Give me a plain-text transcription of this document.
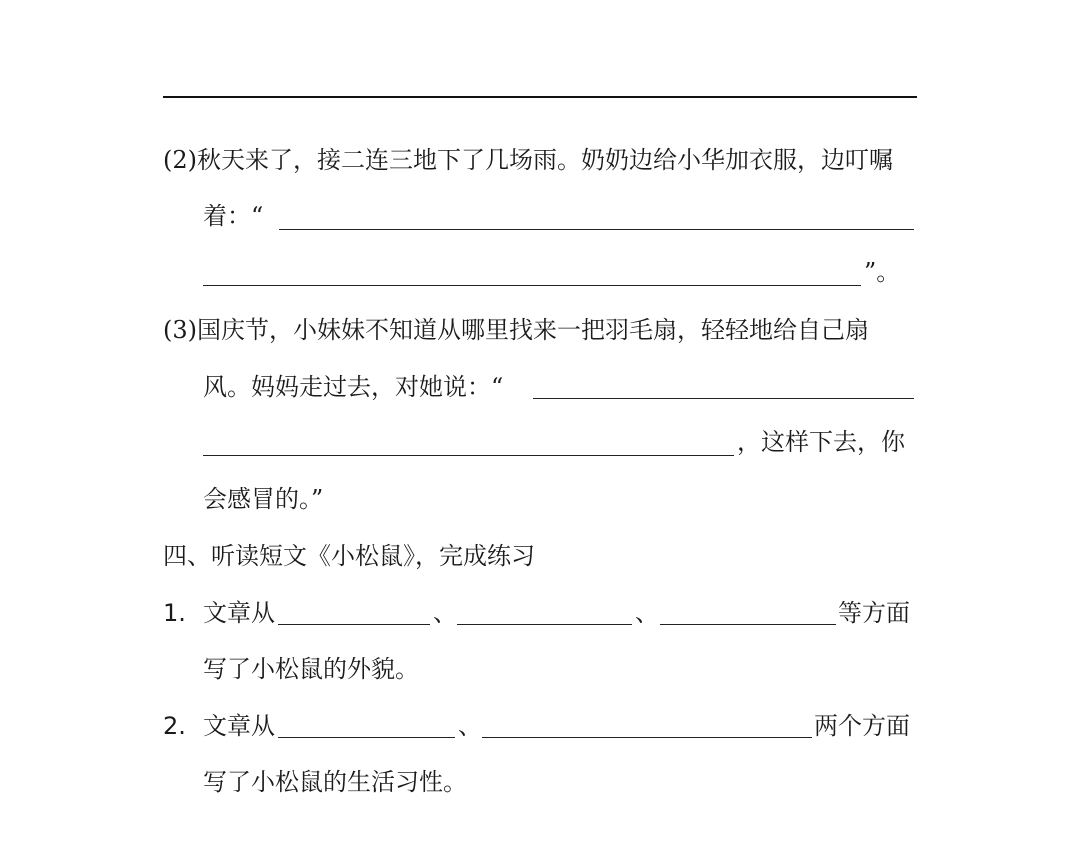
(2)秋天来了，接二连三地下了几场雨。奶奶边给小华加衣服，边叮嘱
着：“
”。
(3)国庆节，小妹妹不知道从哪里找来一把羽毛扇，轻轻地给自己扇
风。妈妈走过去，对她说：“
，这样下去，你
会感冒的。”
四、听读短文《小松鼠》，完成练习
1. 文章从	、	、	等方面
写了小松鼠的外貌。
2. 文章从	、	两个方面
写了小松鼠的生活习性。
